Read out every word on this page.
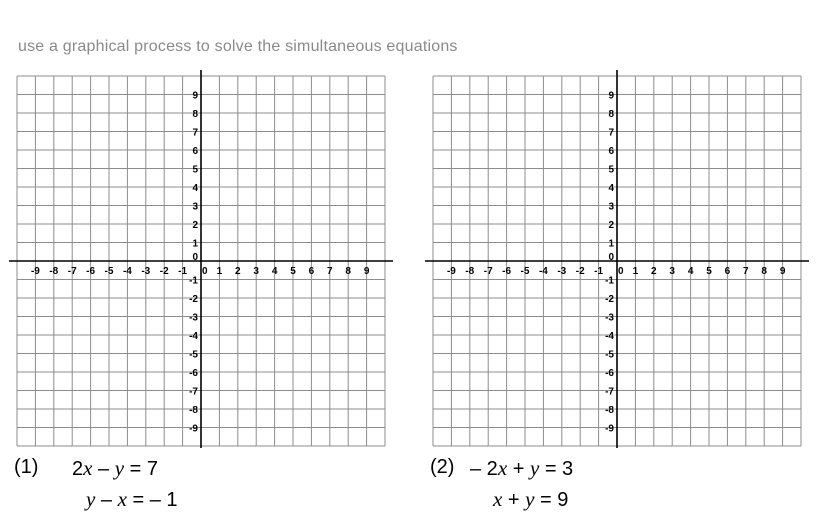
use a graphical process to solve the simultaneous equations
-9 -8 -7 -6 -5 -4 -3 -2 -1 0 1 2 3 4 5 6 7 8 9
9
8
7
6
5
4
3
2
1
0
-1
-2
-3
-4
-5
-6
-7
-8
-9
-9 -8 -7 -6 -5 -4 -3 -2 -1 0 1 2 3 4 5 6 7 8 9
9
8
7
6
5
4
3
2
1
0
-1
-2
-3
-4
-5
-6
-7
-8
-9
(1) 2x – y = 7
y – x = – 1
(2) – 2x + y = 3
x + y = 9
